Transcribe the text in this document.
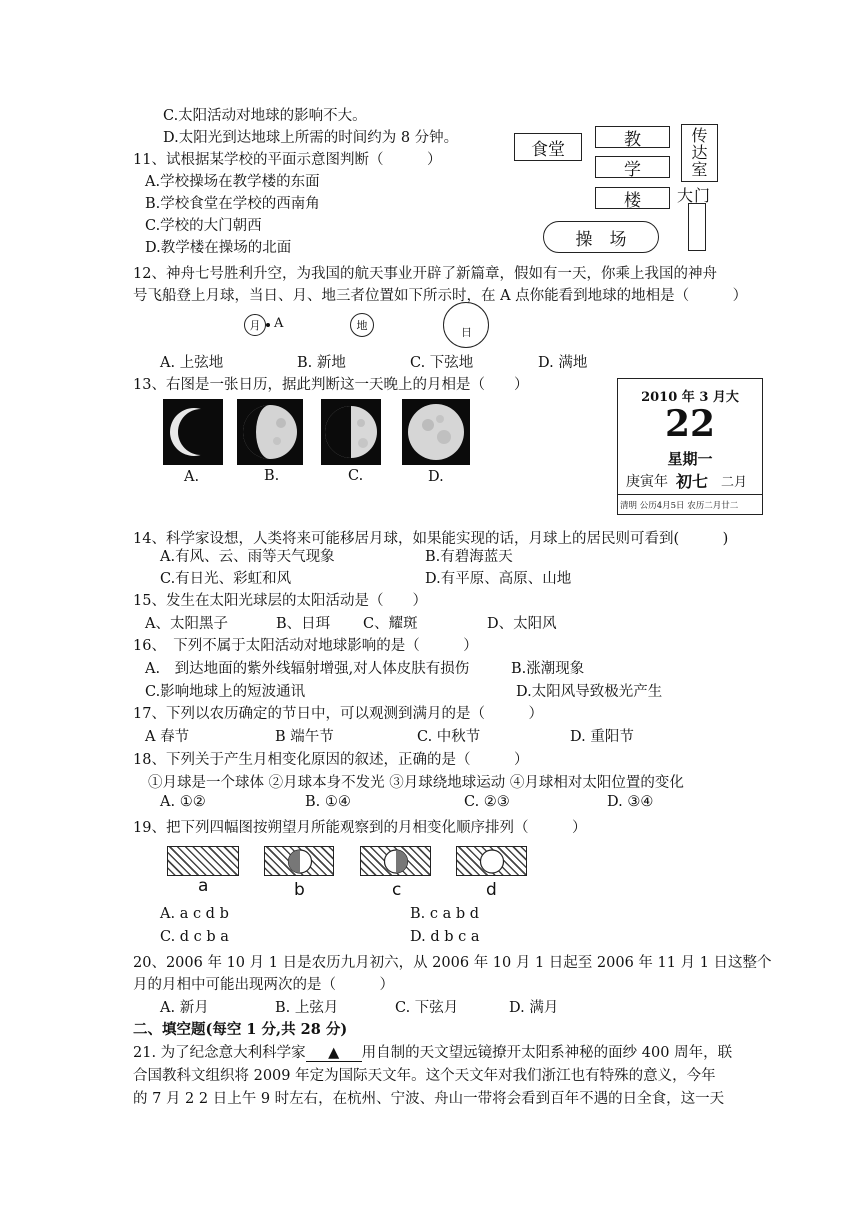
C.太阳活动对地球的影响不大。
D.太阳光到达地球上所需的时间约为 8 分钟。
11、试根据某学校的平面示意图判断（　　　）
A.学校操场在教学楼的东面
B.学校食堂在学校的西南角
C.学校的大门朝西
D.教学楼在操场的北面
食堂	教
学
楼
传达室
大门
操　场
12、神舟七号胜利升空，为我国的航天事业开辟了新篇章，假如有一天，你乘上我国的神舟
号飞船登上月球，当日、月、地三者位置如下所示时，在 A 点你能看到地球的地相是（　　　）
月	A	地
日
A. 上弦地	B. 新地	C. 下弦地	D. 满地
13、右图是一张日历，据此判断这一天晚上的月相是（　　）
A.	B.	C.	D.
2010 年 3 月大
22
星期一
庚寅年 初七 二月
清明 公历4月5日 农历二月廿二
14、科学家设想，人类将来可能移居月球，如果能实现的话，月球上的居民则可看到(　　　)
A.有风、云、雨等天气现象	B.有碧海蓝天
C.有日光、彩虹和风	D.有平原、高原、山地
15、发生在太阳光球层的太阳活动是（　　）
A、太阳黑子	B、日珥 C、耀斑	D、太阳风
16、　下列不属于太阳活动对地球影响的是（　　　）
A.　到达地面的紫外线辐射增强,对人体皮肤有损伤	B.涨潮现象
C.影响地球上的短波通讯	D.太阳风导致极光产生
17、下列以农历确定的节日中，可以观测到满月的是（　　　）
A 春节	B 端午节	C. 中秋节	D. 重阳节
18、下列关于产生月相变化原因的叙述，正确的是（　　　）
①月球是一个球体 ②月球本身不发光 ③月球绕地球运动 ④月球相对太阳位置的变化
A. ①②	B. ①④	C. ②③	D. ③④
19、把下列四幅图按朔望月所能观察到的月相变化顺序排列（　　　）
a	b	c	d
A. a c d b	B. c a b d
C. d c b a	D. d b c a
20、2006 年 10 月 1 日是农历九月初六，从 2006 年 10 月 1 日起至 2006 年 11 月 1 日这整个
月的月相中可能出现两次的是（　　　）
A. 新月	B. 上弦月	C. 下弦月	D. 满月
二、填空题(每空 1 分,共 28 分)
21. 为了纪念意大利科学家 ▲ 用自制的天文望远镜撩开太阳系神秘的面纱 400 周年，联
合国教科文组织将 2009 年定为国际天文年。这个天文年对我们浙江也有特殊的意义，今年
的 7 月 2 2 日上午 9 时左右，在杭州、宁波、舟山一带将会看到百年不遇的日全食，这一天
